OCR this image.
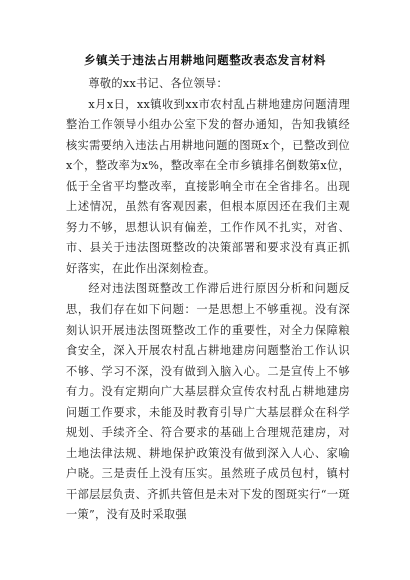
乡镇关于违法占用耕地问题整改表态发言材料

尊敬的xx书记、各位领导：

x月x日，xx镇收到xx市农村乱占耕地建房问题清理整治工作领导小组办公室下发的督办通知，告知我镇经核实需要纳入违法占用耕地问题的图斑x个，已整改到位x个，整改率为x%，整改率在全市乡镇排名倒数第x位，低于全省平均整改率，直接影响全市在全省排名。出现上述情况，虽然有客观因素，但根本原因还在我们主观努力不够，思想认识有偏差，工作作风不扎实，对省、市、县关于违法图斑整改的决策部署和要求没有真正抓好落实，在此作出深刻检查。

经对违法图斑整改工作滞后进行原因分析和问题反思，我们存在如下问题：一是思想上不够重视。没有深刻认识开展违法图斑整改工作的重要性，对全力保障粮食安全，深入开展农村乱占耕地建房问题整治工作认识不够、学习不深，没有做到入脑入心。二是宣传上不够有力。没有定期向广大基层群众宣传农村乱占耕地建房问题工作要求，未能及时教育引导广大基层群众在科学规划、手续齐全、符合要求的基础上合理规范建房，对土地法律法规、耕地保护政策没有做到深入人心、家喻户晓。三是责任上没有压实。虽然班子成员包村，镇村干部层层负责、齐抓共管但是未对下发的图斑实行“一斑一策”，没有及时采取强
